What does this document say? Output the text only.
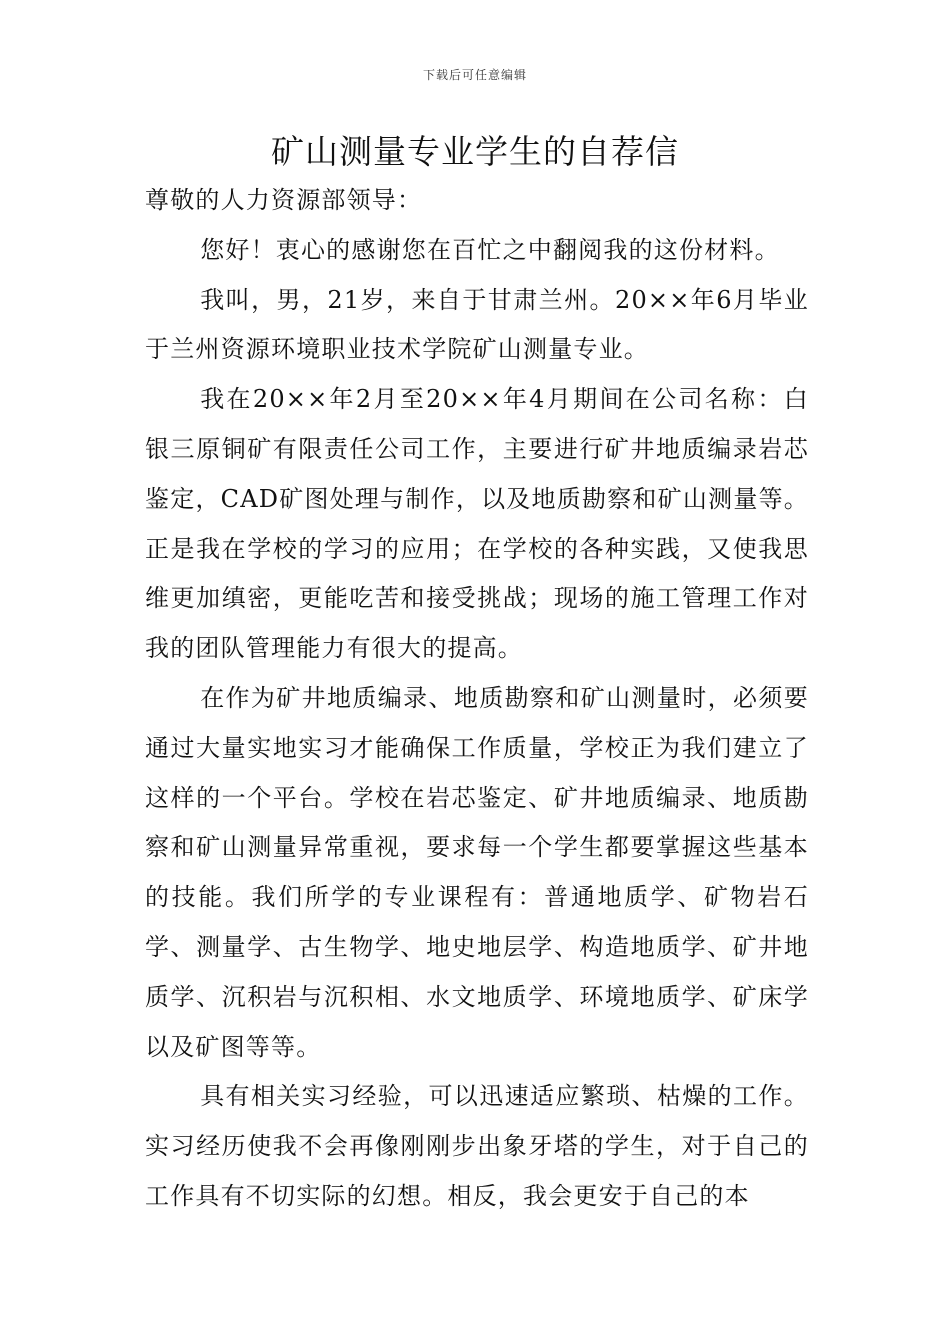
下载后可任意编辑
矿山测量专业学生的自荐信

尊敬的人力资源部领导：

您好！衷心的感谢您在百忙之中翻阅我的这份材料。

我叫，男，21岁，来自于甘肃兰州。20××年6月毕业于兰州资源环境职业技术学院矿山测量专业。

我在20××年2月至20××年4月期间在公司名称：白银三原铜矿有限责任公司工作，主要进行矿井地质编录岩芯鉴定，CAD矿图处理与制作，以及地质勘察和矿山测量等。正是我在学校的学习的应用；在学校的各种实践，又使我思维更加缜密，更能吃苦和接受挑战；现场的施工管理工作对我的团队管理能力有很大的提高。

在作为矿井地质编录、地质勘察和矿山测量时，必须要通过大量实地实习才能确保工作质量，学校正为我们建立了这样的一个平台。学校在岩芯鉴定、矿井地质编录、地质勘察和矿山测量异常重视，要求每一个学生都要掌握这些基本的技能。我们所学的专业课程有：普通地质学、矿物岩石学、测量学、古生物学、地史地层学、构造地质学、矿井地质学、沉积岩与沉积相、水文地质学、环境地质学、矿床学以及矿图等等。

具有相关实习经验，可以迅速适应繁琐、枯燥的工作。实习经历使我不会再像刚刚步出象牙塔的学生，对于自己的工作具有不切实际的幻想。相反，我会更安于自己的本
